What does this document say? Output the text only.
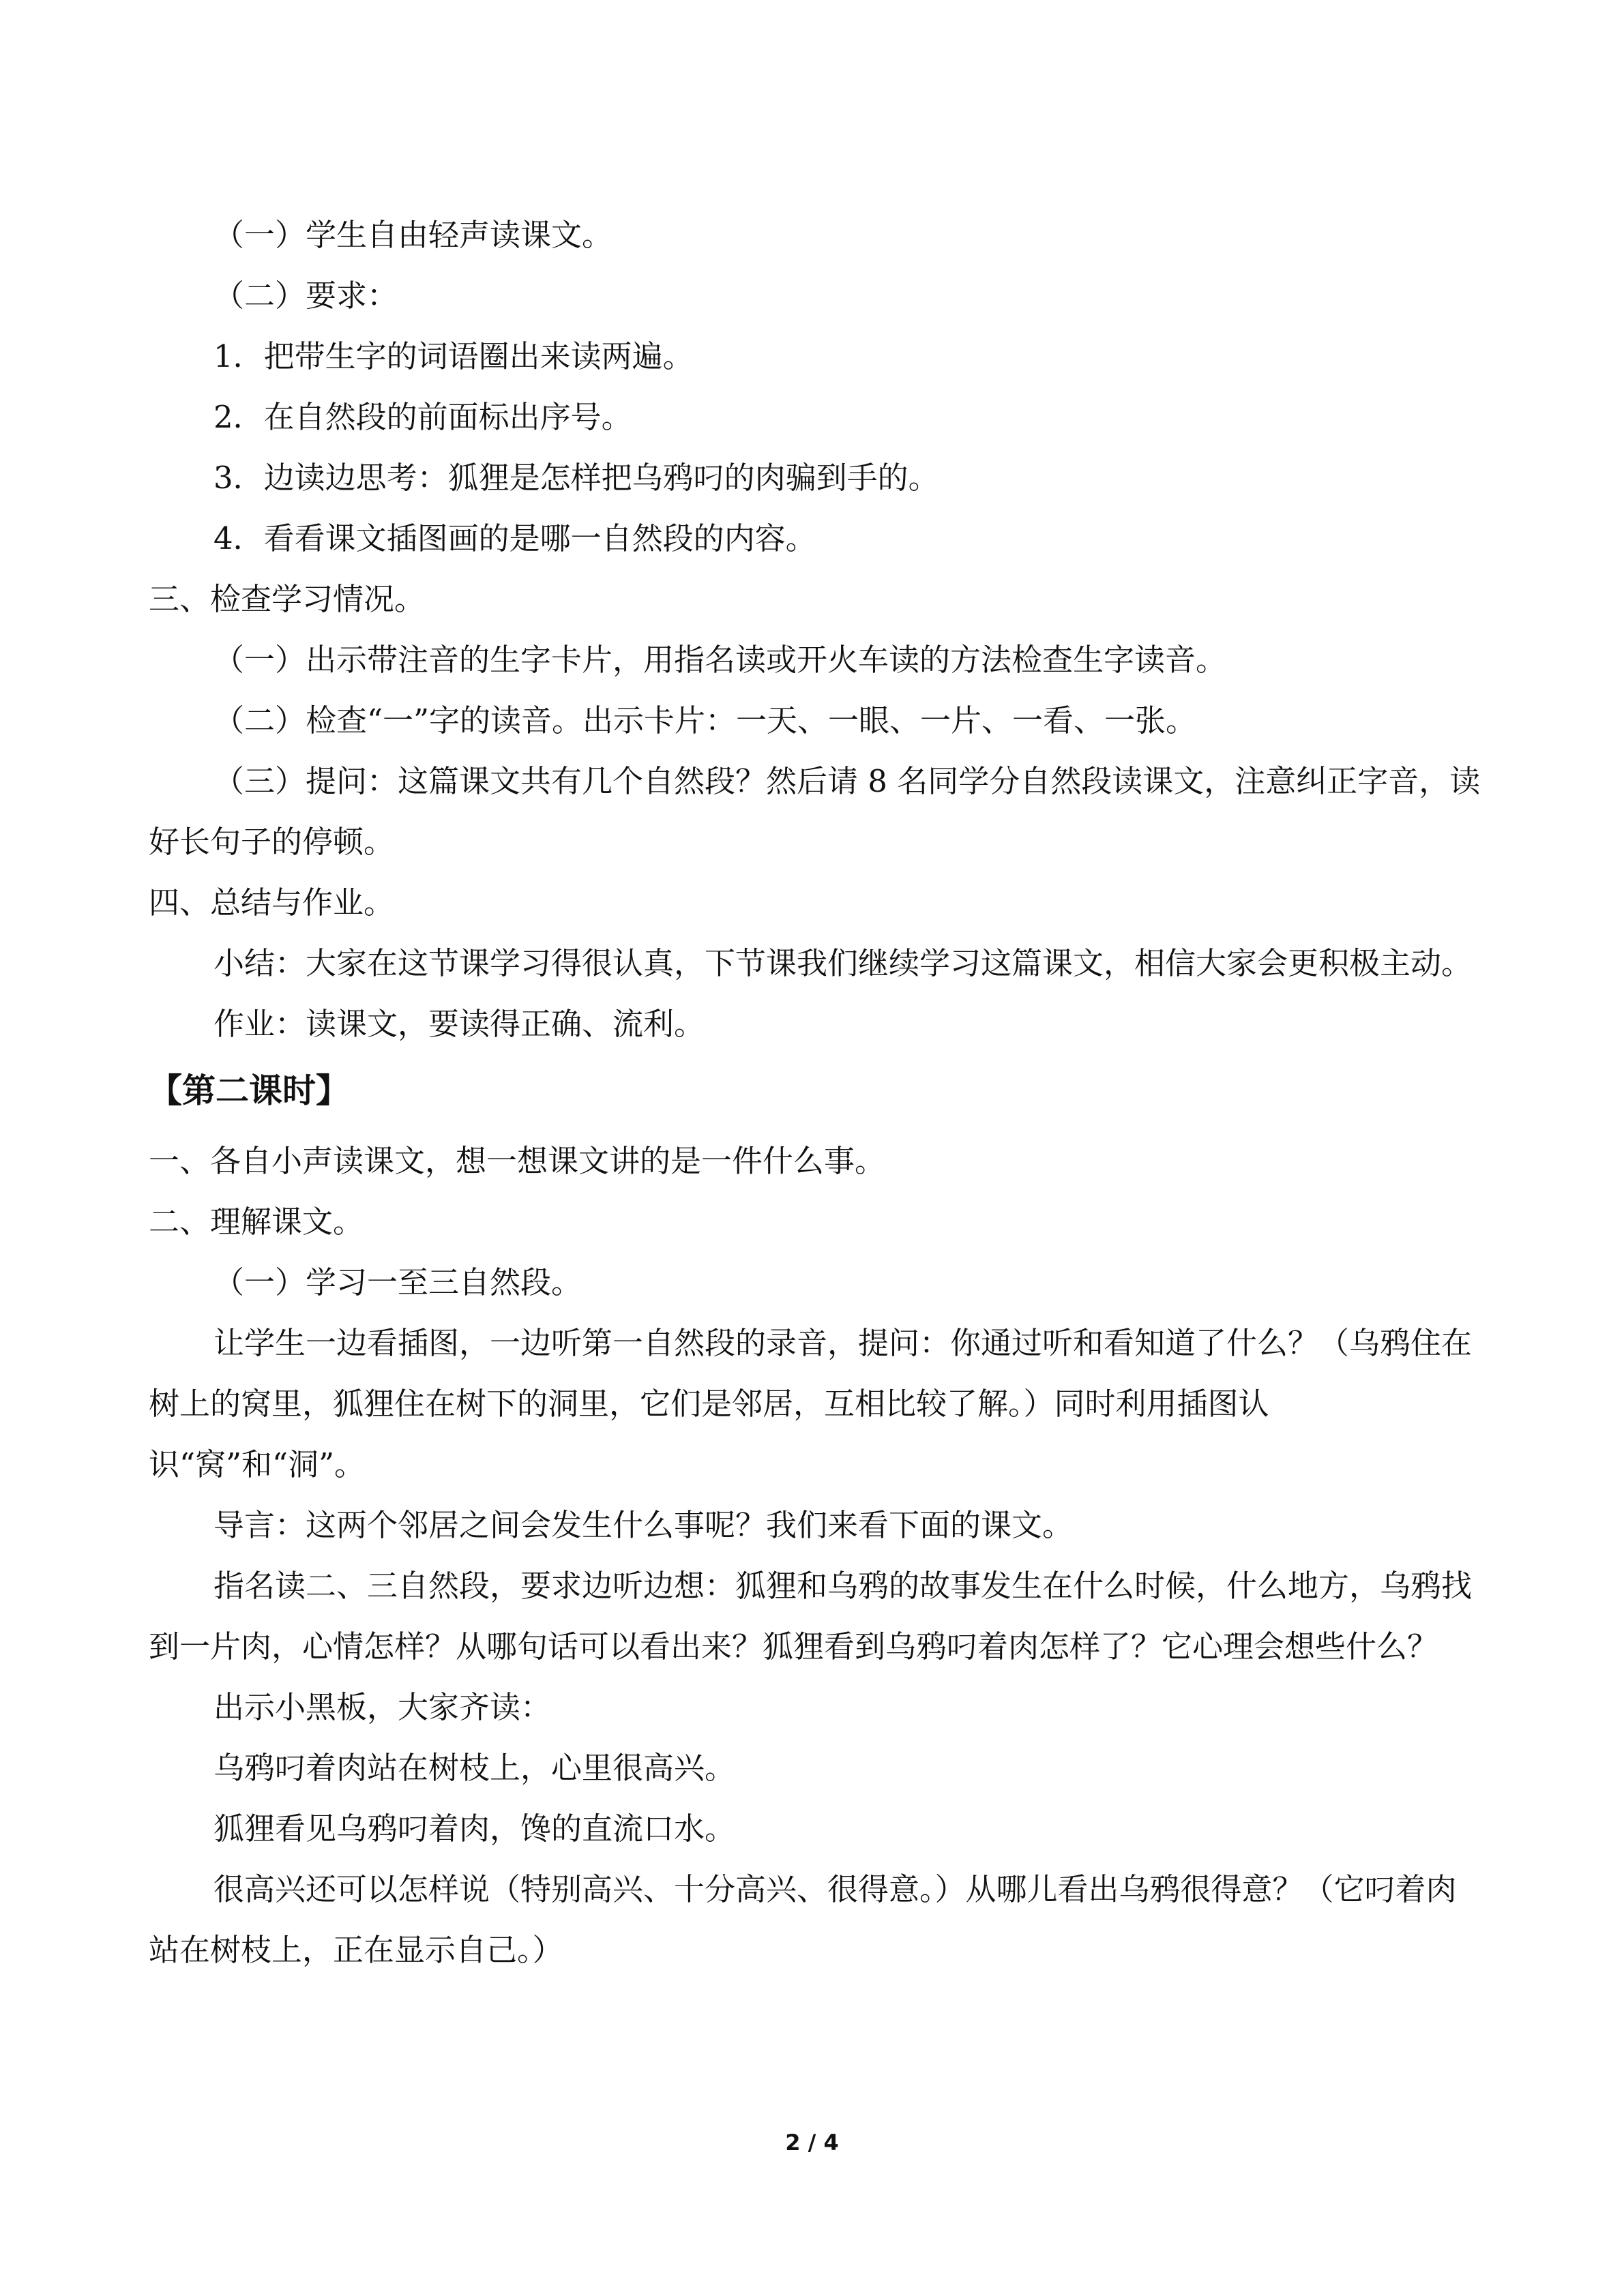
（一）学生自由轻声读课文。

（二）要求：

1．把带生字的词语圈出来读两遍。

2．在自然段的前面标出序号。

3．边读边思考：狐狸是怎样把乌鸦叼的肉骗到手的。

4．看看课文插图画的是哪一自然段的内容。

三、检查学习情况。

（一）出示带注音的生字卡片，用指名读或开火车读的方法检查生字读音。

（二）检查“一”字的读音。出示卡片：一天、一眼、一片、一看、一张。

（三）提问：这篇课文共有几个自然段？然后请 8 名同学分自然段读课文，注意纠正字音，读好长句子的停顿。

四、总结与作业。

小结：大家在这节课学习得很认真，下节课我们继续学习这篇课文，相信大家会更积极主动。

作业：读课文，要读得正确、流利。

【第二课时】

一、各自小声读课文，想一想课文讲的是一件什么事。

二、理解课文。

（一）学习一至三自然段。

让学生一边看插图，一边听第一自然段的录音，提问：你通过听和看知道了什么？（乌鸦住在树上的窝里，狐狸住在树下的洞里，它们是邻居，互相比较了解。）同时利用插图认识“窝”和“洞”。

导言：这两个邻居之间会发生什么事呢？我们来看下面的课文。

指名读二、三自然段，要求边听边想：狐狸和乌鸦的故事发生在什么时候，什么地方，乌鸦找到一片肉，心情怎样？从哪句话可以看出来？狐狸看到乌鸦叼着肉怎样了？它心理会想些什么？

出示小黑板，大家齐读：

乌鸦叼着肉站在树枝上，心里很高兴。

狐狸看见乌鸦叼着肉，馋的直流口水。

很高兴还可以怎样说（特别高兴、十分高兴、很得意。）从哪儿看出乌鸦很得意？（它叼着肉站在树枝上，正在显示自己。）

2 / 4
